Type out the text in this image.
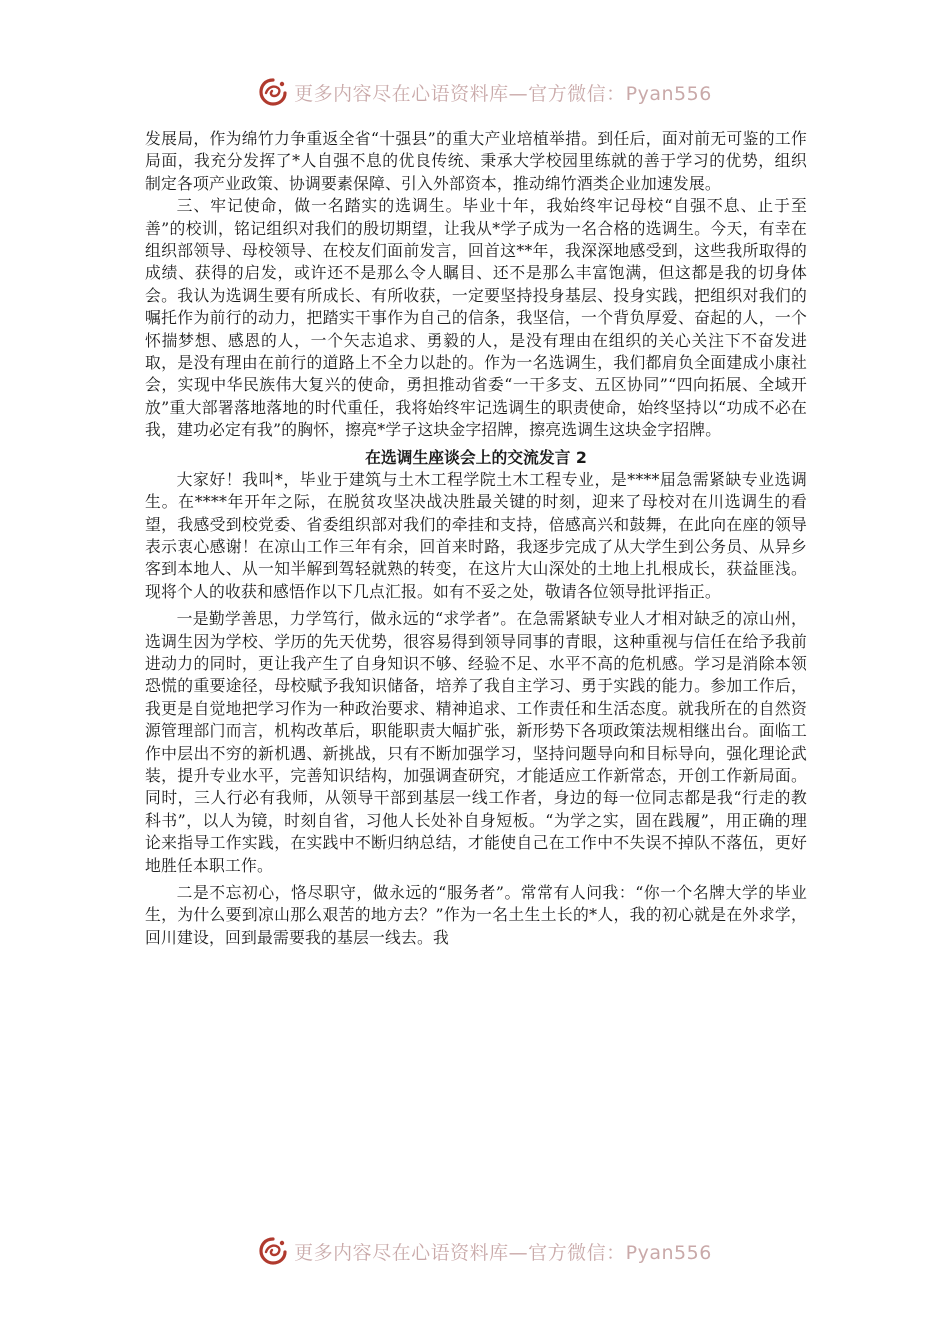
更多内容尽在心语资料库—官方微信：Pyan556

发展局，作为绵竹力争重返全省“十强县”的重大产业培植举措。到任后，面对前无可鉴的工作局面，我充分发挥了*人自强不息的优良传统、秉承大学校园里练就的善于学习的优势，组织制定各项产业政策、协调要素保障、引入外部资本，推动绵竹酒类企业加速发展。

三、牢记使命，做一名踏实的选调生。毕业十年，我始终牢记母校“自强不息、止于至善”的校训，铭记组织对我们的殷切期望，让我从*学子成为一名合格的选调生。今天，有幸在组织部领导、母校领导、在校友们面前发言，回首这**年，我深深地感受到，这些我所取得的成绩、获得的启发，或许还不是那么令人瞩目、还不是那么丰富饱满，但这都是我的切身体会。我认为选调生要有所成长、有所收获，一定要坚持投身基层、投身实践，把组织对我们的嘱托作为前行的动力，把踏实干事作为自己的信条，我坚信，一个背负厚爱、奋起的人，一个怀揣梦想、感恩的人，一个矢志追求、勇毅的人，是没有理由在组织的关心关注下不奋发进取，是没有理由在前行的道路上不全力以赴的。作为一名选调生，我们都肩负全面建成小康社会，实现中华民族伟大复兴的使命，勇担推动省委“一干多支、五区协同”“四向拓展、全域开放”重大部署落地落地的时代重任，我将始终牢记选调生的职责使命，始终坚持以“功成不必在我，建功必定有我”的胸怀，擦亮*学子这块金字招牌，擦亮选调生这块金字招牌。

在选调生座谈会上的交流发言 2

大家好！我叫*，毕业于建筑与土木工程学院土木工程专业，是****届急需紧缺专业选调生。在****年开年之际，在脱贫攻坚决战决胜最关键的时刻，迎来了母校对在川选调生的看望，我感受到校党委、省委组织部对我们的牵挂和支持，倍感高兴和鼓舞，在此向在座的领导表示衷心感谢！在凉山工作三年有余，回首来时路，我逐步完成了从大学生到公务员、从异乡客到本地人、从一知半解到驾轻就熟的转变，在这片大山深处的土地上扎根成长，获益匪浅。现将个人的收获和感悟作以下几点汇报。如有不妥之处，敬请各位领导批评指正。

一是勤学善思，力学笃行，做永远的“求学者”。在急需紧缺专业人才相对缺乏的凉山州，选调生因为学校、学历的先天优势，很容易得到领导同事的青眼，这种重视与信任在给予我前进动力的同时，更让我产生了自身知识不够、经验不足、水平不高的危机感。学习是消除本领恐慌的重要途径，母校赋予我知识储备，培养了我自主学习、勇于实践的能力。参加工作后，我更是自觉地把学习作为一种政治要求、精神追求、工作责任和生活态度。就我所在的自然资源管理部门而言，机构改革后，职能职责大幅扩张，新形势下各项政策法规相继出台。面临工作中层出不穷的新机遇、新挑战，只有不断加强学习，坚持问题导向和目标导向，强化理论武装，提升专业水平，完善知识结构，加强调查研究，才能适应工作新常态，开创工作新局面。同时，三人行必有我师，从领导干部到基层一线工作者，身边的每一位同志都是我“行走的教科书”，以人为镜，时刻自省，习他人长处补自身短板。“为学之实，固在践履”，用正确的理论来指导工作实践，在实践中不断归纳总结，才能使自己在工作中不失误不掉队不落伍，更好地胜任本职工作。

二是不忘初心，恪尽职守，做永远的“服务者”。常常有人问我：“你一个名牌大学的毕业生，为什么要到凉山那么艰苦的地方去？”作为一名土生土长的*人，我的初心就是在外求学，回川建设，回到最需要我的基层一线去。我

更多内容尽在心语资料库—官方微信：Pyan556
